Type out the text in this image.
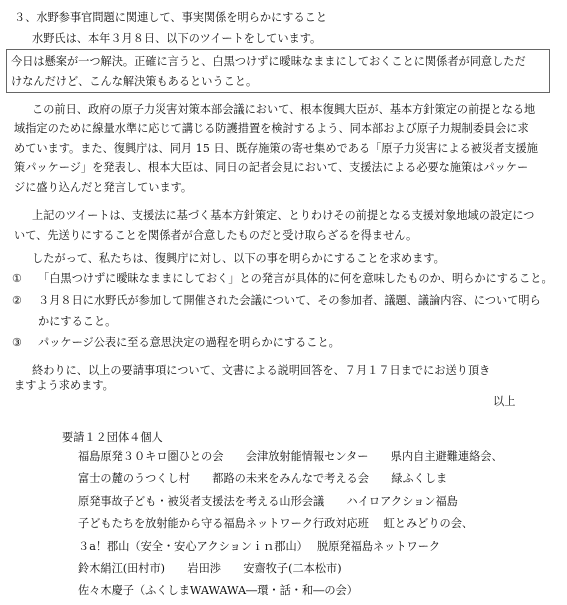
３、水野参事官問題に関連して、事実関係を明らかにすること
水野氏は、本年３月８日、以下のツイートをしています。
今日は懸案が一つ解決。正確に言うと、白黒つけずに曖昧なままにしておくことに関係者が同意しただ
けなんだけど、こんな解決策もあるということ。
この前日、政府の原子力災害対策本部会議において、根本復興大臣が、基本方針策定の前提となる地
域指定のために線量水準に応じて講じる防護措置を検討するよう、同本部および原子力規制委員会に求
めています。また、復興庁は、同月 15 日、既存施策の寄せ集めである「原子力災害による被災者支援施
策パッケージ」を発表し、根本大臣は、同日の記者会見において、支援法による必要な施策はパッケー
ジに盛り込んだと発言しています。
上記のツイートは、支援法に基づく基本方針策定、とりわけその前提となる支援対象地域の設定につ
いて、先送りにすることを関係者が合意したものだと受け取らざるを得ません。
したがって、私たちは、復興庁に対し、以下の事を明らかにすることを求めます。
① 「白黒つけずに曖昧なままにしておく」との発言が具体的に何を意味したものか、明らかにすること。
② ３月８日に水野氏が参加して開催された会議について、その参加者、議題、議論内容、について明ら
かにすること。
③ パッケージ公表に至る意思決定の過程を明らかにすること。
終わりに、以上の要請事項について、文書による説明回答を、７月１７日までにお送り頂き
ますよう求めます。
以上
要請１２団体４個人
福島原発３０キロ圏ひとの会　　会津放射能情報センター　　県内自主避難連絡会、
富士の麓のうつくし村　　都路の未来をみんなで考える会　　緑ふくしま
原発事故子ども・被災者支援法を考える山形会議　　ハイロアクション福島
子どもたちを放射能から守る福島ネットワーク行政対応班　 虹とみどりの会、
３a！郡山（安全・安心アクションｉｎ郡山）　 脱原発福島ネットワーク
鈴木絹江(田村市)　　岩田渉　　安齋牧子(二本松市)
佐々木慶子（ふくしまWAWAWA―環・話・和―の会）
